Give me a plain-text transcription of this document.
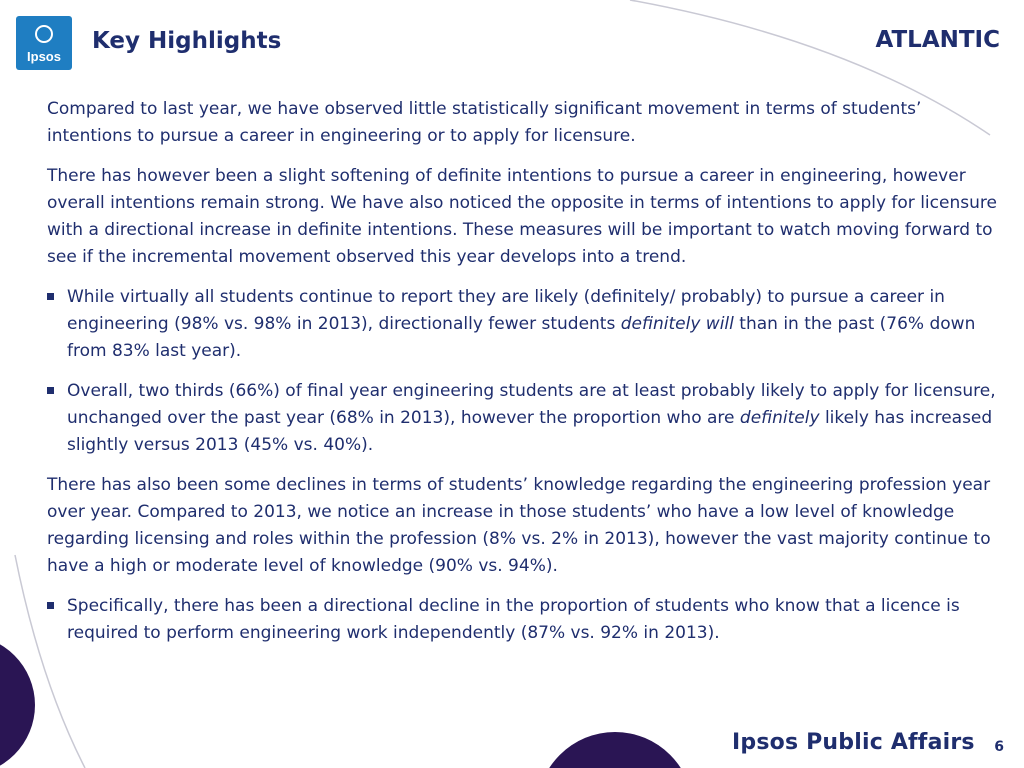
Ipsos
Key Highlights	ATLANTIC

Compared to last year, we have observed little statistically significant movement in terms of students’ intentions to pursue a career in engineering or to apply for licensure.

There has however been a slight softening of definite intentions to pursue a career in engineering, however overall intentions remain strong. We have also noticed the opposite in terms of intentions to apply for licensure with a directional increase in definite intentions. These measures will be important to watch moving forward to see if the incremental movement observed this year develops into a trend.

While virtually all students continue to report they are likely (definitely/ probably) to pursue a career in engineering (98% vs. 98% in 2013), directionally fewer students definitely will than in the past (76% down from 83% last year).
Overall, two thirds (66%) of final year engineering students are at least probably likely to apply for licensure, unchanged over the past year (68% in 2013), however the proportion who are definitely likely has increased slightly versus 2013 (45% vs. 40%).

There has also been some declines in terms of students’ knowledge regarding the engineering profession year over year. Compared to 2013, we notice an increase in those students’ who have a low level of knowledge regarding licensing and roles within the profession (8% vs. 2% in 2013), however the vast majority continue to have a high or moderate level of knowledge (90% vs. 94%).

Specifically, there has been a directional decline in the proportion of students who know that a licence is required to perform engineering work independently (87% vs. 92% in 2013).
Ipsos Public Affairs 6
